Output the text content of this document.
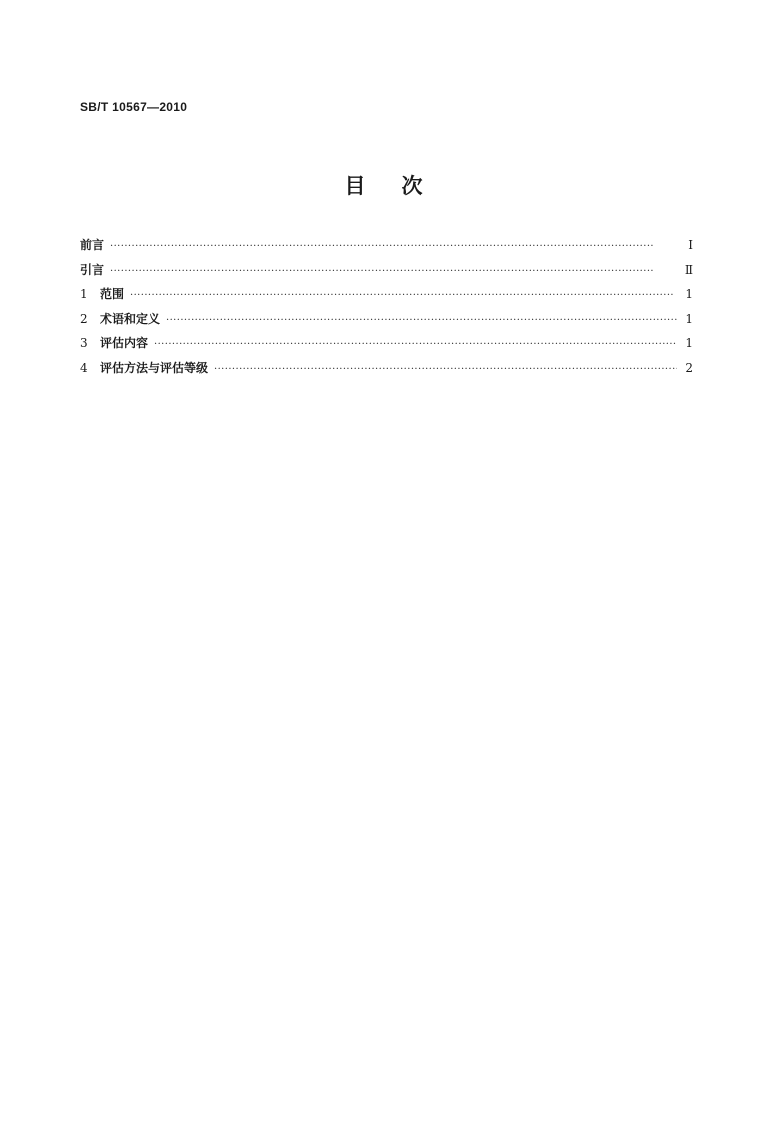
SB/T 10567—2010
目次
前言 ·····	Ⅰ
引言 ·····	Ⅱ
1	范围 ·····	1
2	术语和定义 ·····	1
3	评估内容 ·····	1
4	评估方法与评估等级 ·····	2
